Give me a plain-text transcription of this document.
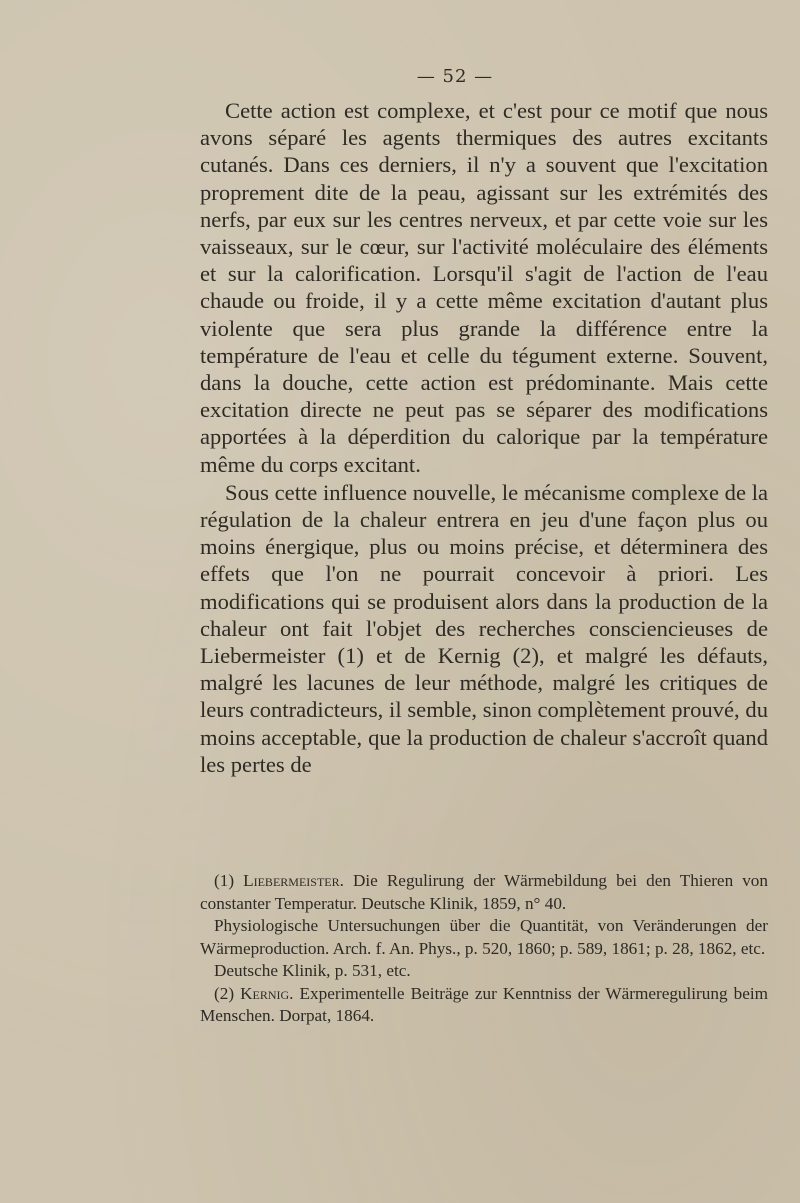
— 52 —

Cette action est complexe, et c'est pour ce motif que nous avons séparé les agents thermiques des autres excitants cutanés. Dans ces derniers, il n'y a souvent que l'excitation proprement dite de la peau, agissant sur les extrémités des nerfs, par eux sur les centres nerveux, et par cette voie sur les vaisseaux, sur le cœur, sur l'activité moléculaire des éléments et sur la calorification. Lorsqu'il s'agit de l'action de l'eau chaude ou froide, il y a cette même excitation d'autant plus violente que sera plus grande la différence entre la température de l'eau et celle du tégument externe. Souvent, dans la douche, cette action est prédominante. Mais cette excitation directe ne peut pas se séparer des modifications apportées à la déperdition du calorique par la température même du corps excitant.

Sous cette influence nouvelle, le mécanisme complexe de la régulation de la chaleur entrera en jeu d'une façon plus ou moins énergique, plus ou moins précise, et déterminera des effets que l'on ne pourrait concevoir à priori. Les modifications qui se produisent alors dans la production de la chaleur ont fait l'objet des recherches consciencieuses de Liebermeister (1) et de Kernig (2), et malgré les défauts, malgré les lacunes de leur méthode, malgré les critiques de leurs contradicteurs, il semble, sinon complètement prouvé, du moins acceptable, que la production de chaleur s'accroît quand les pertes de

(1) Liebermeister. Die Regulirung der Wärmebildung bei den Thieren von constanter Temperatur. Deutsche Klinik, 1859, n° 40.

Physiologische Untersuchungen über die Quantität, von Veränderungen der Wärmeproduction. Arch. f. An. Phys., p. 520, 1860; p. 589, 1861; p. 28, 1862, etc.

Deutsche Klinik, p. 531, etc.

(2) Kernig. Experimentelle Beiträge zur Kenntniss der Wärmeregulirung beim Menschen. Dorpat, 1864.
